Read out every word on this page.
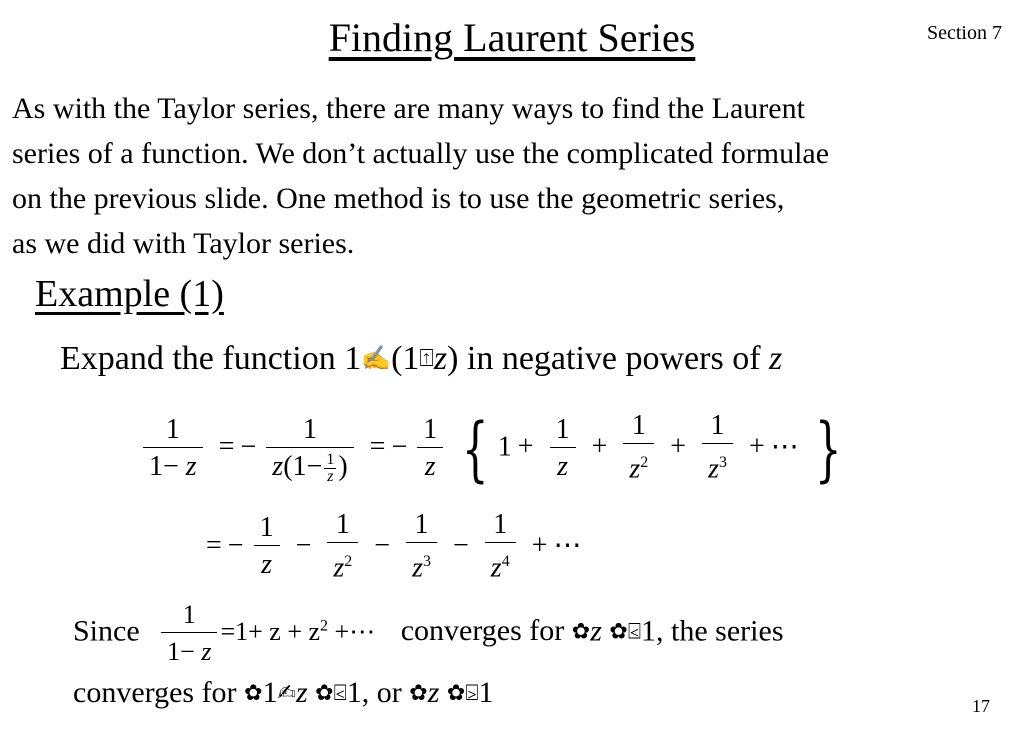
Finding Laurent Series	Section 7
As with the Taylor series, there are many ways to find the Laurent
series of a function. We don’t actually use the complicated formulae
on the previous slide. One method is to use the geometric series,
as we did with Taylor series.
Example (1)
Expand the function 1✍(1⍐z) in negative powers of z
$\frac{1}{1- z}$ = − $\frac{1}{z(1- \frac{1}{z} )}$ = − $\frac{1}{z}$ { $1 + \frac{1}{z} + \frac{1}{z^2} + \frac{1}{z^3}$ + ⋯ }
= − $\frac{1}{z} - \frac{1}{z^2} - \frac{1}{z^3} - \frac{1}{z^4}$ + ⋯
Since $\frac{1}{1- z} =1+ z + z^2$ +⋯ converges for ✿z ✿⍃1, the series
converges for ✿1✍z ✿⍃1, or ✿z ✿⍄1	17
